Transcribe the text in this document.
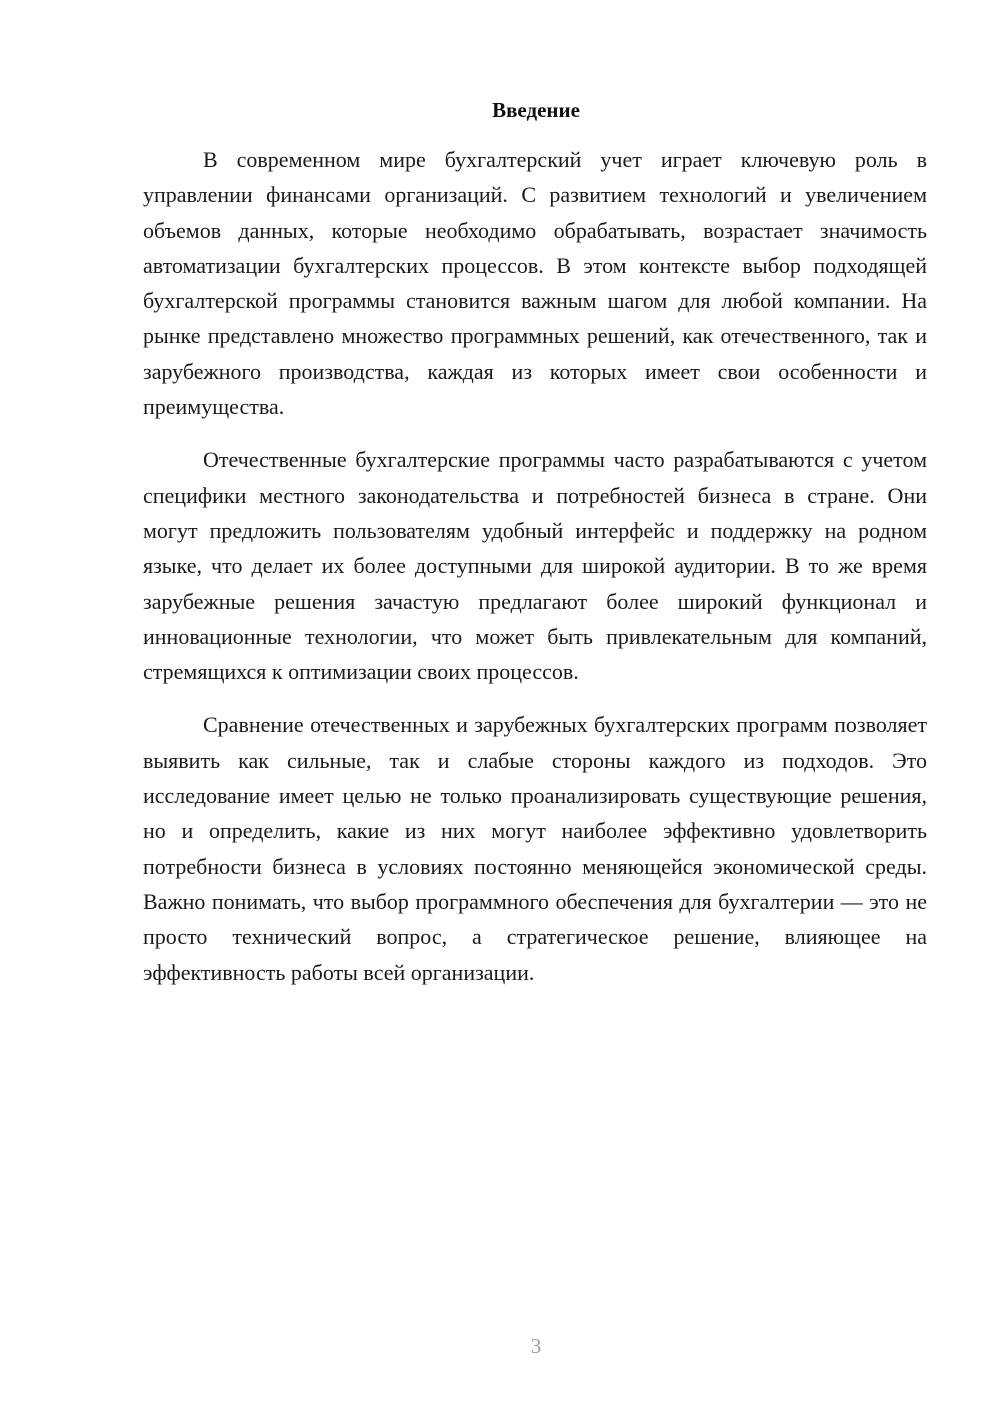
Введение

В современном мире бухгалтерский учет играет ключевую роль в управлении финансами организаций. С развитием технологий и увеличением объемов данных, которые необходимо обрабатывать, возрастает значимость автоматизации бухгалтерских процессов. В этом контексте выбор подходящей бухгалтерской программы становится важным шагом для любой компании. На рынке представлено множество программных решений, как отечественного, так и зарубежного производства, каждая из которых имеет свои особенности и преимущества.

Отечественные бухгалтерские программы часто разрабатываются с учетом специфики местного законодательства и потребностей бизнеса в стране. Они могут предложить пользователям удобный интерфейс и поддержку на родном языке, что делает их более доступными для широкой аудитории. В то же время зарубежные решения зачастую предлагают более широкий функционал и инновационные технологии, что может быть привлекательным для компаний, стремящихся к оптимизации своих процессов.

Сравнение отечественных и зарубежных бухгалтерских программ позволяет выявить как сильные, так и слабые стороны каждого из подходов. Это исследование имеет целью не только проанализировать существующие решения, но и определить, какие из них могут наиболее эффективно удовлетворить потребности бизнеса в условиях постоянно меняющейся экономической среды. Важно понимать, что выбор программного обеспечения для бухгалтерии — это не просто технический вопрос, а стратегическое решение, влияющее на эффективность работы всей организации.

3
